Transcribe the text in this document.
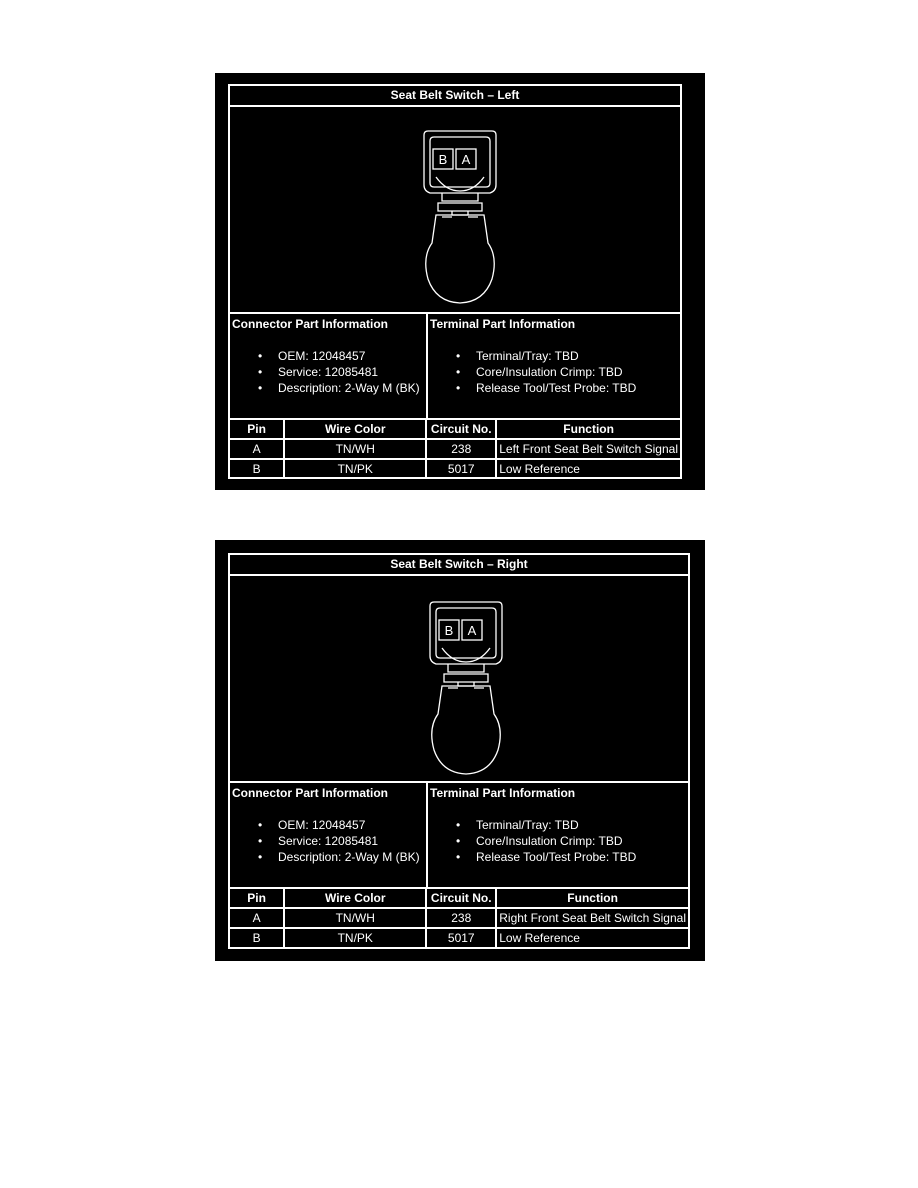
Seat Belt Switch – Left
B A
Connector Part Information
• OEM: 12048457
• Service: 12085481
• Description: 2-Way M (BK)
Terminal Part Information
• Terminal/Tray: TBD
• Core/Insulation Crimp: TBD
• Release Tool/Test Probe: TBD
Pin	Wire Color	Circuit No.	Function
A	TN/WH	238	Left Front Seat Belt Switch Signal
B	TN/PK	5017	Low Reference
Seat Belt Switch – Right
B A
Connector Part Information
• OEM: 12048457
• Service: 12085481
• Description: 2-Way M (BK)
Terminal Part Information
• Terminal/Tray: TBD
• Core/Insulation Crimp: TBD
• Release Tool/Test Probe: TBD
Pin	Wire Color	Circuit No.	Function
A	TN/WH	238	Right Front Seat Belt Switch Signal
B	TN/PK	5017	Low Reference
